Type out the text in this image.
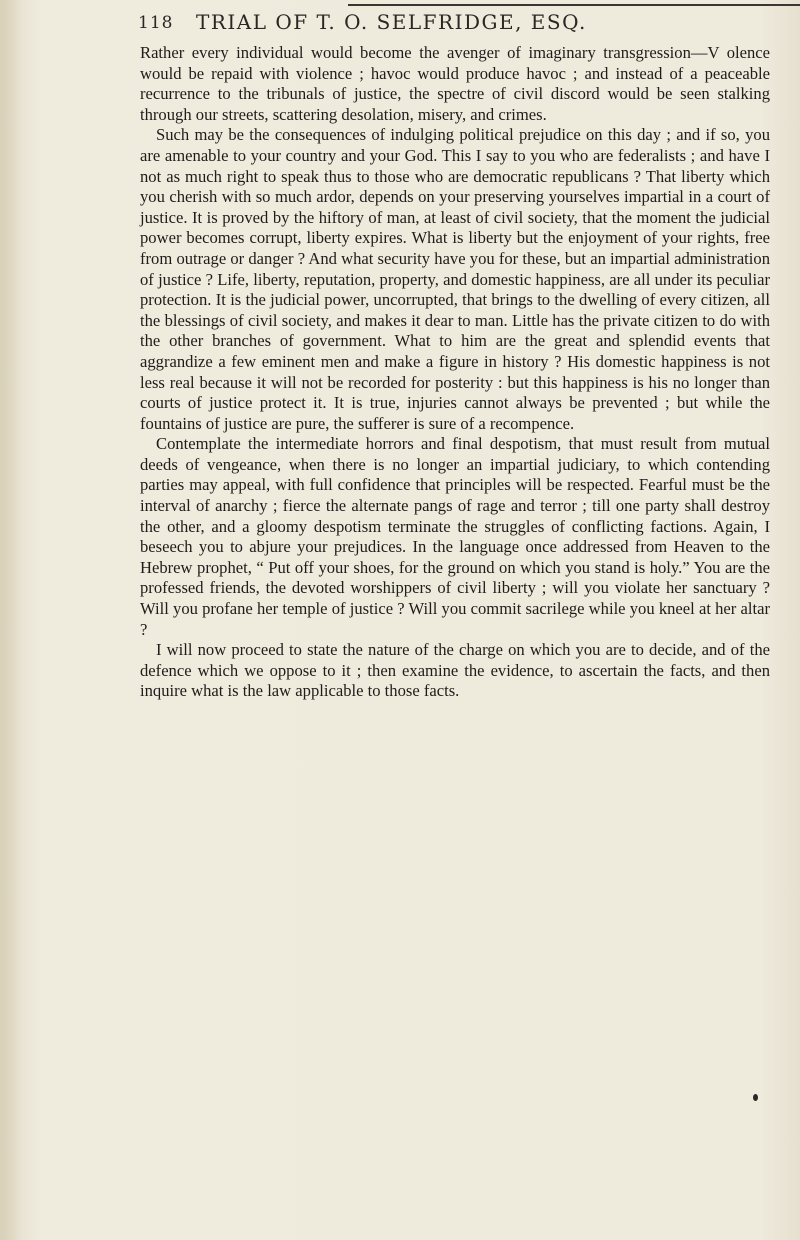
118 TRIAL OF T. O. SELFRIDGE, ESQ.

Rather every individual would become the avenger of imaginary transgression—V olence would be repaid with violence ; havoc would produce havoc ; and instead of a peaceable recurrence to the tribunals of justice, the spectre of civil discord would be seen stalking through our streets, scattering desolation, misery, and crimes.

Such may be the consequences of indulging political prejudice on this day ; and if so, you are amenable to your country and your God. This I say to you who are federalists ; and have I not as much right to speak thus to those who are democratic republicans ? That liberty which you cherish with so much ardor, depends on your preserving yourselves impartial in a court of justice. It is proved by the hiftory of man, at least of civil society, that the moment the judicial power becomes corrupt, liberty expires. What is liberty but the enjoyment of your rights, free from outrage or danger ? And what security have you for these, but an impartial administration of justice ? Life, liberty, reputation, property, and domestic happiness, are all under its peculiar protection. It is the judicial power, uncorrupted, that brings to the dwelling of every citizen, all the blessings of civil society, and makes it dear to man. Little has the private citizen to do with the other branches of government. What to him are the great and splendid events that aggrandize a few eminent men and make a figure in history ? His domestic happiness is not less real because it will not be recorded for posterity : but this happiness is his no longer than courts of justice protect it. It is true, injuries cannot always be prevented ; but while the fountains of justice are pure, the sufferer is sure of a recompence.

Contemplate the intermediate horrors and final despotism, that must result from mutual deeds of vengeance, when there is no longer an impartial judiciary, to which contending parties may appeal, with full confidence that principles will be respected. Fearful must be the interval of anarchy ; fierce the alternate pangs of rage and terror ; till one party shall destroy the other, and a gloomy despotism terminate the struggles of conflicting factions. Again, I beseech you to abjure your prejudices. In the language once addressed from Heaven to the Hebrew prophet, “ Put off your shoes, for the ground on which you stand is holy.” You are the professed friends, the devoted worshippers of civil liberty ; will you violate her sanctuary ? Will you profane her temple of justice ? Will you commit sacrilege while you kneel at her altar ?

I will now proceed to state the nature of the charge on which you are to decide, and of the defence which we oppose to it ; then examine the evidence, to ascertain the facts, and then inquire what is the law applicable to those facts.
